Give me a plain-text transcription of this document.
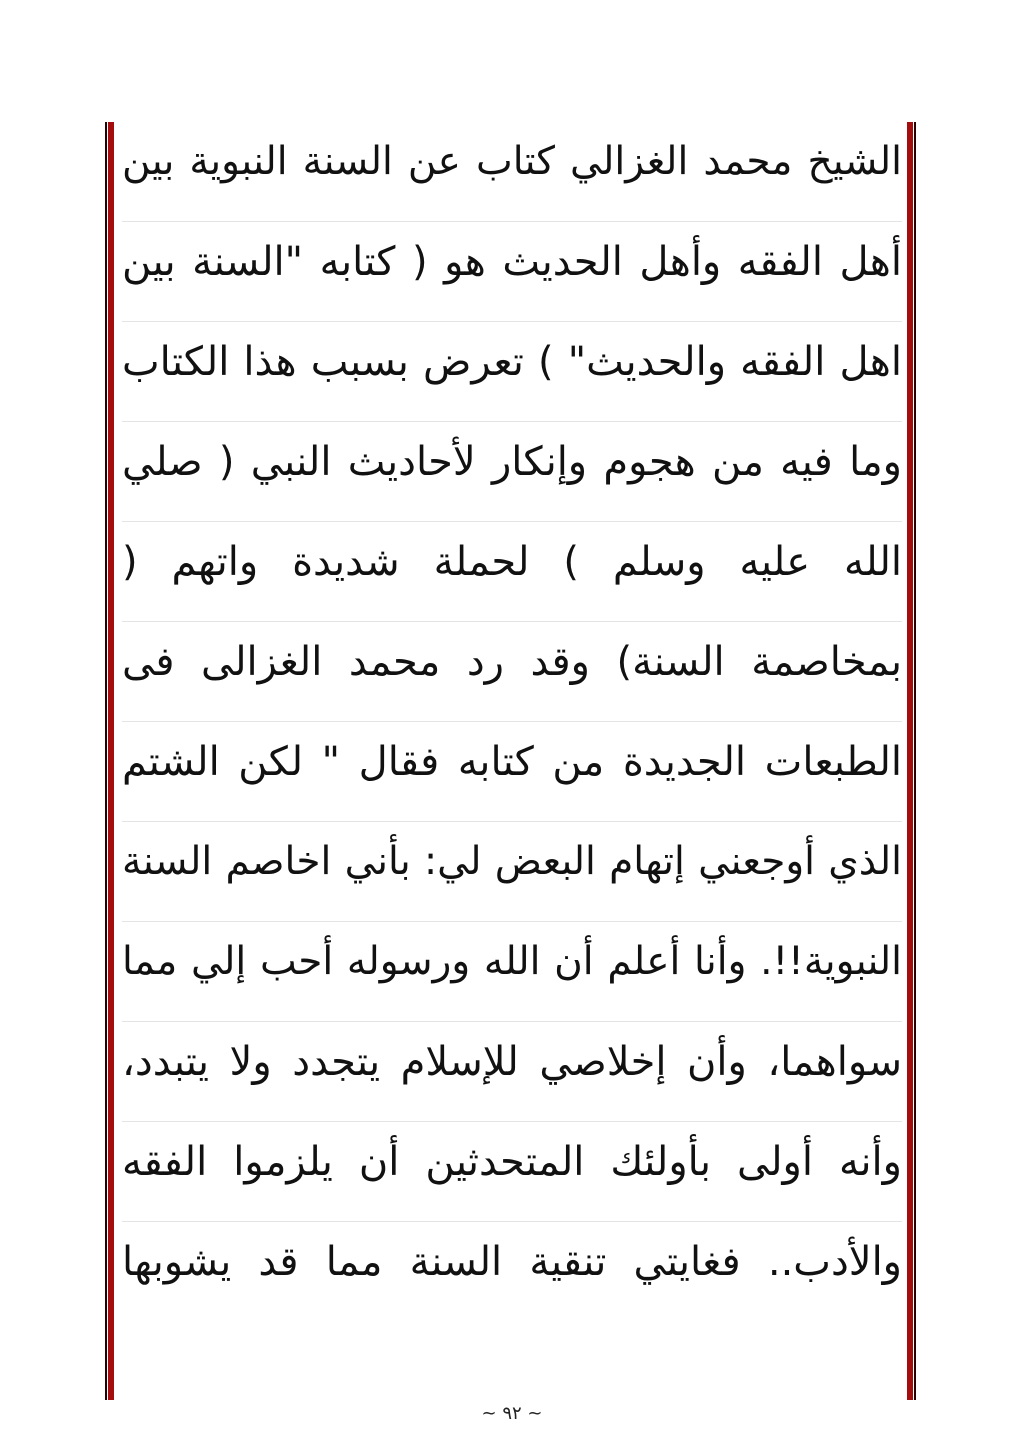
الشيخ محمد الغزالي كتاب عن السنة النبوية بين
أهل الفقه وأهل الحديث هو ( كتابه "السنة بين
اهل الفقه والحديث" ) تعرض بسبب هذا الكتاب
وما فيه من هجوم وإنكار لأحاديث النبي ( صلي
الله عليه وسلم ) لحملة شديدة واتهم (
بمخاصمة السنة) وقد رد محمد الغزالى فى
الطبعات الجديدة من كتابه فقال " لكن الشتم
الذي أوجعني إتهام البعض لي: بأني اخاصم السنة
النبوية!!. وأنا أعلم أن الله ورسوله أحب إلي مما
سواهما، وأن إخلاصي للإسلام يتجدد ولا يتبدد،
وأنه أولى بأولئك المتحدثين أن يلزموا الفقه
والأدب.. فغايتي تنقية السنة مما قد يشوبها
~ ٩٢ ~
